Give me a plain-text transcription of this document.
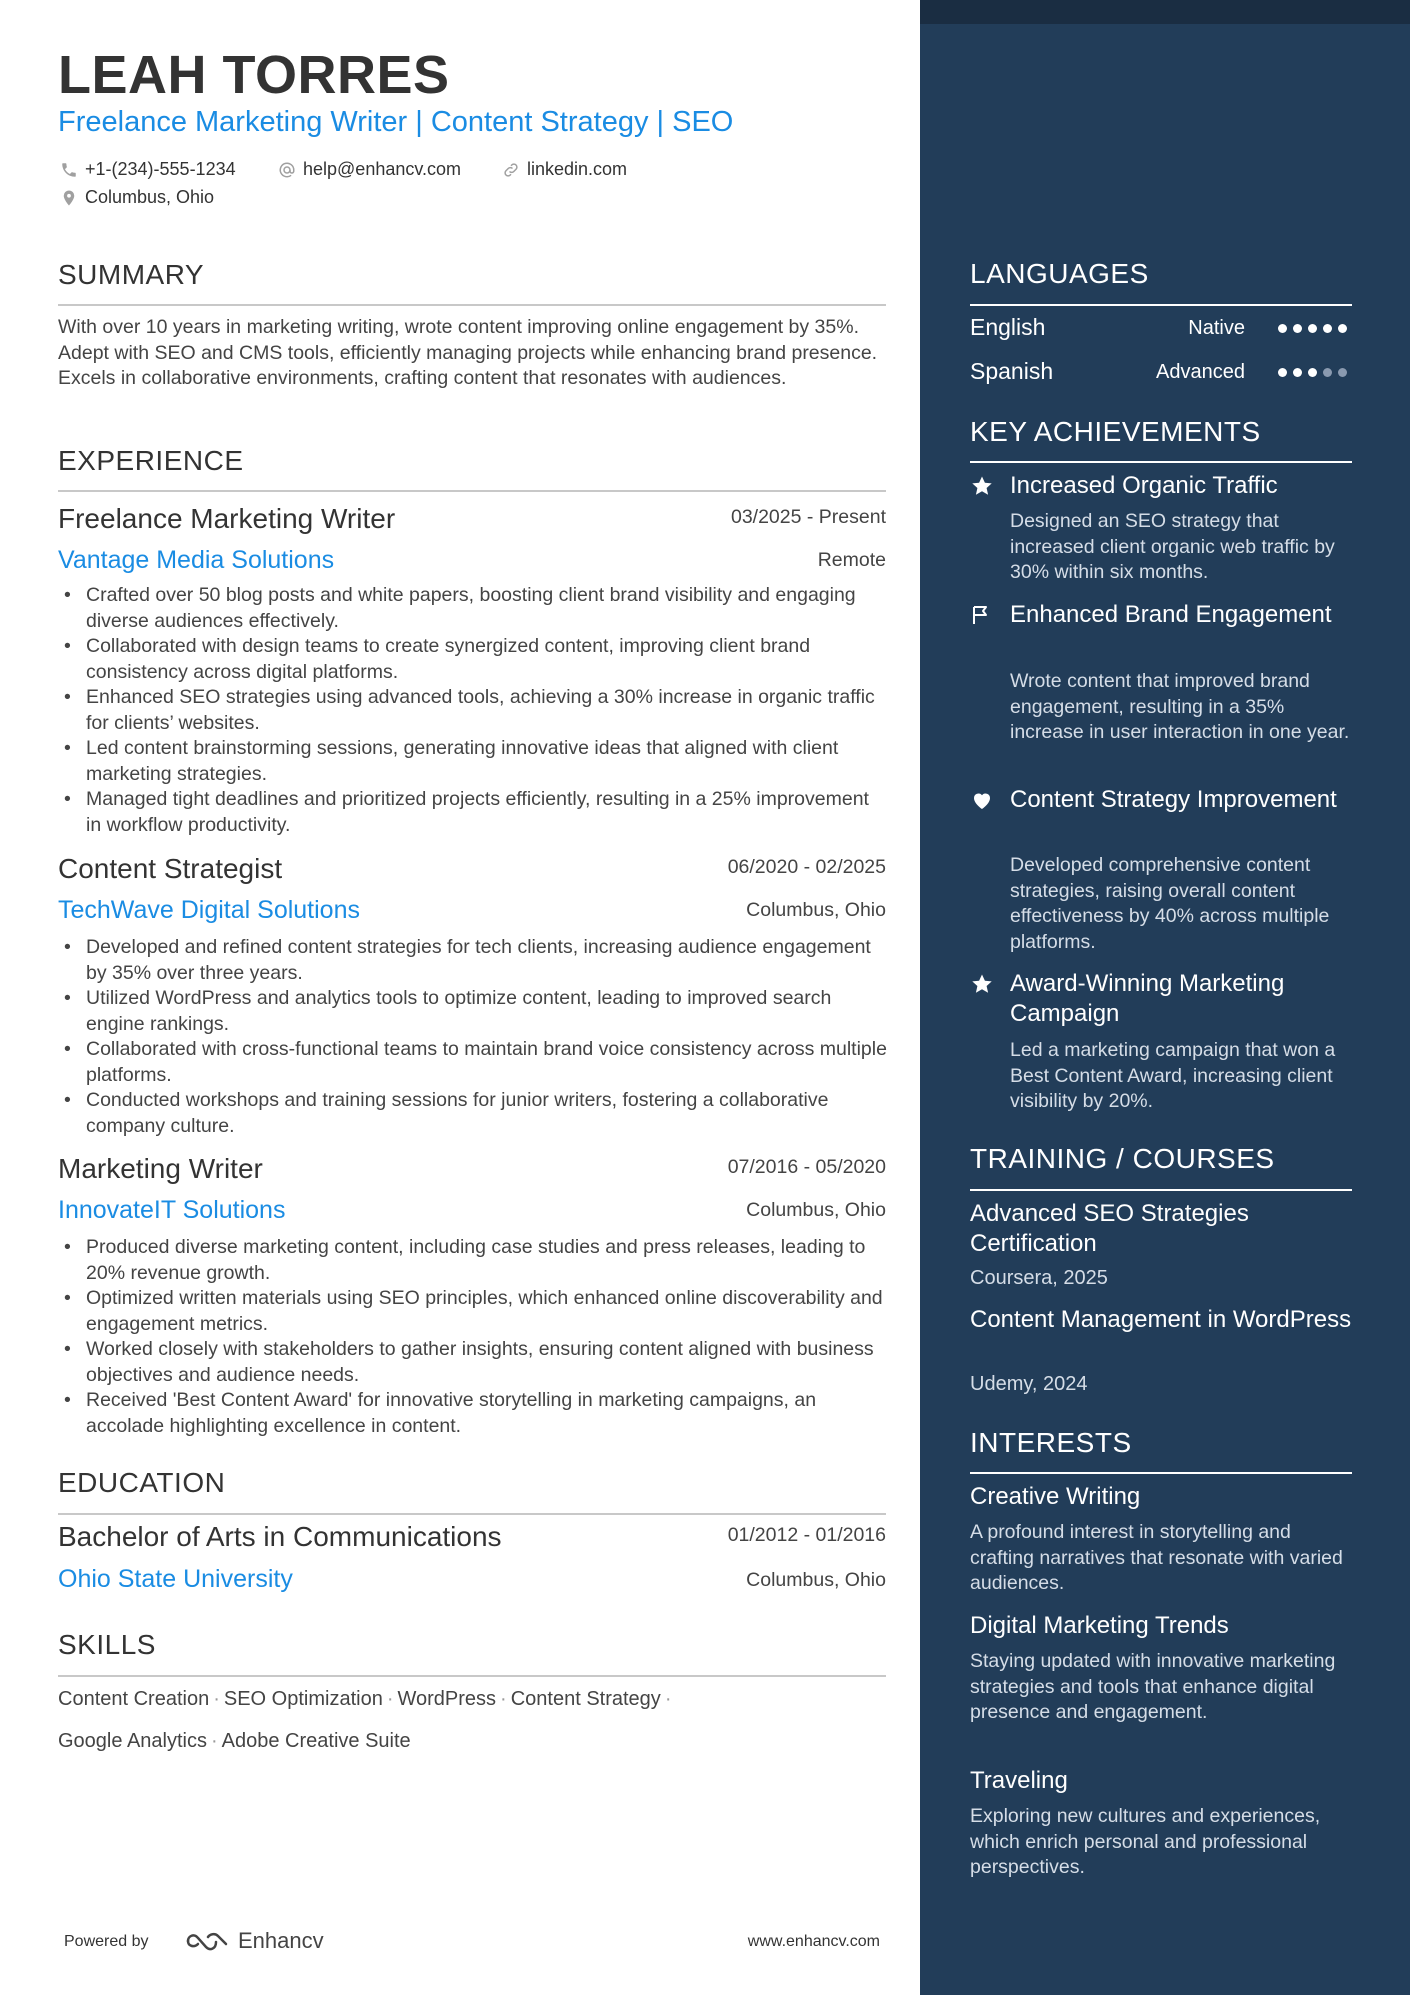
LEAH TORRES
Freelance Marketing Writer | Content Strategy | SEO
+1-(234)-555-1234	help@enhancv.com	linkedin.com
Columbus, Ohio
SUMMARY

With over 10 years in marketing writing, wrote content improving online engagement by 35%. Adept with SEO and CMS tools, efficiently managing projects while enhancing brand presence. Excels in collaborative environments, crafting content that resonates with audiences.

EXPERIENCE
Freelance Marketing Writer	03/2025 - Present
Vantage Media Solutions	Remote
• Crafted over 50 blog posts and white papers, boosting client brand visibility and engaging diverse audiences effectively.
• Collaborated with design teams to create synergized content, improving client brand consistency across digital platforms.
• Enhanced SEO strategies using advanced tools, achieving a 30% increase in organic traffic for clients’ websites.
• Led content brainstorming sessions, generating innovative ideas that aligned with client marketing strategies.
• Managed tight deadlines and prioritized projects efficiently, resulting in a 25% improvement in workflow productivity.
Content Strategist	06/2020 - 02/2025
TechWave Digital Solutions	Columbus, Ohio
• Developed and refined content strategies for tech clients, increasing audience engagement by 35% over three years.
• Utilized WordPress and analytics tools to optimize content, leading to improved search engine rankings.
• Collaborated with cross-functional teams to maintain brand voice consistency across multiple platforms.
• Conducted workshops and training sessions for junior writers, fostering a collaborative company culture.
Marketing Writer	07/2016 - 05/2020
InnovateIT Solutions	Columbus, Ohio
• Produced diverse marketing content, including case studies and press releases, leading to 20% revenue growth.
• Optimized written materials using SEO principles, which enhanced online discoverability and engagement metrics.
• Worked closely with stakeholders to gather insights, ensuring content aligned with business objectives and audience needs.
• Received 'Best Content Award' for innovative storytelling in marketing campaigns, an accolade highlighting excellence in content.
EDUCATION
Bachelor of Arts in Communications	01/2012 - 01/2016
Ohio State University	Columbus, Ohio
SKILLS
Content Creation · SEO Optimization · WordPress · Content Strategy ·
Google Analytics · Adobe Creative Suite
Powered by	Enhancv	www.enhancv.com
LANGUAGES
English	Native
Spanish	Advanced
KEY ACHIEVEMENTS
Increased Organic Traffic

Designed an SEO strategy that increased client organic web traffic by 30% within six months.

Enhanced Brand Engagement

Wrote content that improved brand engagement, resulting in a 35% increase in user interaction in one year.

Content Strategy Improvement

Developed comprehensive content strategies, raising overall content effectiveness by 40% across multiple platforms.

Award-Winning Marketing Campaign

Led a marketing campaign that won a Best Content Award, increasing client visibility by 20%.

TRAINING / COURSES
Advanced SEO Strategies Certification
Coursera, 2025
Content Management in WordPress
Udemy, 2024
INTERESTS
Creative Writing

A profound interest in storytelling and crafting narratives that resonate with varied audiences.

Digital Marketing Trends

Staying updated with innovative marketing strategies and tools that enhance digital presence and engagement.

Traveling

Exploring new cultures and experiences, which enrich personal and professional perspectives.
